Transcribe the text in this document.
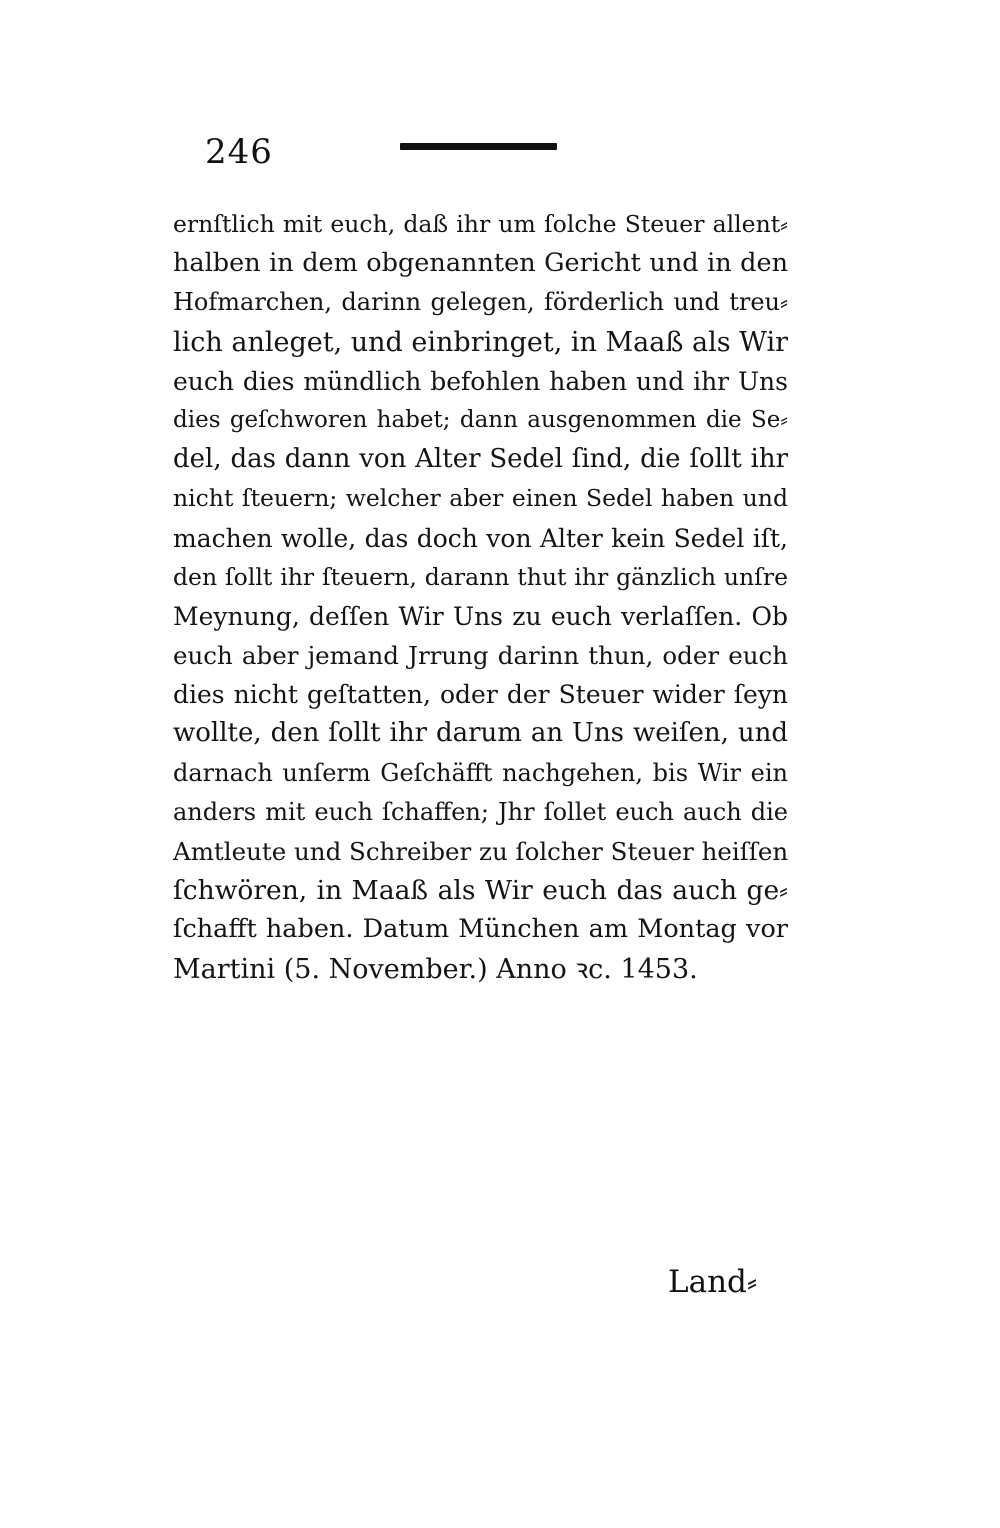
246
ernſtlich mit euch, daß ihr um ſolche Steuer allent⸗
halben in dem obgenannten Gericht und in den
Hofmarchen, darinn gelegen, förderlich und treu⸗
lich anleget, und einbringet, in Maaß als Wir
euch dies mündlich befohlen haben und ihr Uns
dies geſchworen habet; dann ausgenommen die Se⸗
del, das dann von Alter Sedel ſind, die ſollt ihr
nicht ſteuern; welcher aber einen Sedel haben und
machen wolle, das doch von Alter kein Sedel iſt,
den ſollt ihr ſteuern, darann thut ihr gänzlich unſre
Meynung, deſſen Wir Uns zu euch verlaſſen. Ob
euch aber jemand Jrrung darinn thun, oder euch
dies nicht geſtatten, oder der Steuer wider ſeyn
wollte, den ſollt ihr darum an Uns weiſen, und
darnach unſerm Geſchäfft nachgehen, bis Wir ein
anders mit euch ſchaffen; Jhr ſollet euch auch die
Amtleute und Schreiber zu ſolcher Steuer heiſſen
ſchwören, in Maaß als Wir euch das auch ge⸗
ſchafft haben. Datum München am Montag vor
Martini (5. November.) Anno ꝛc. 1453.
Land⸗
